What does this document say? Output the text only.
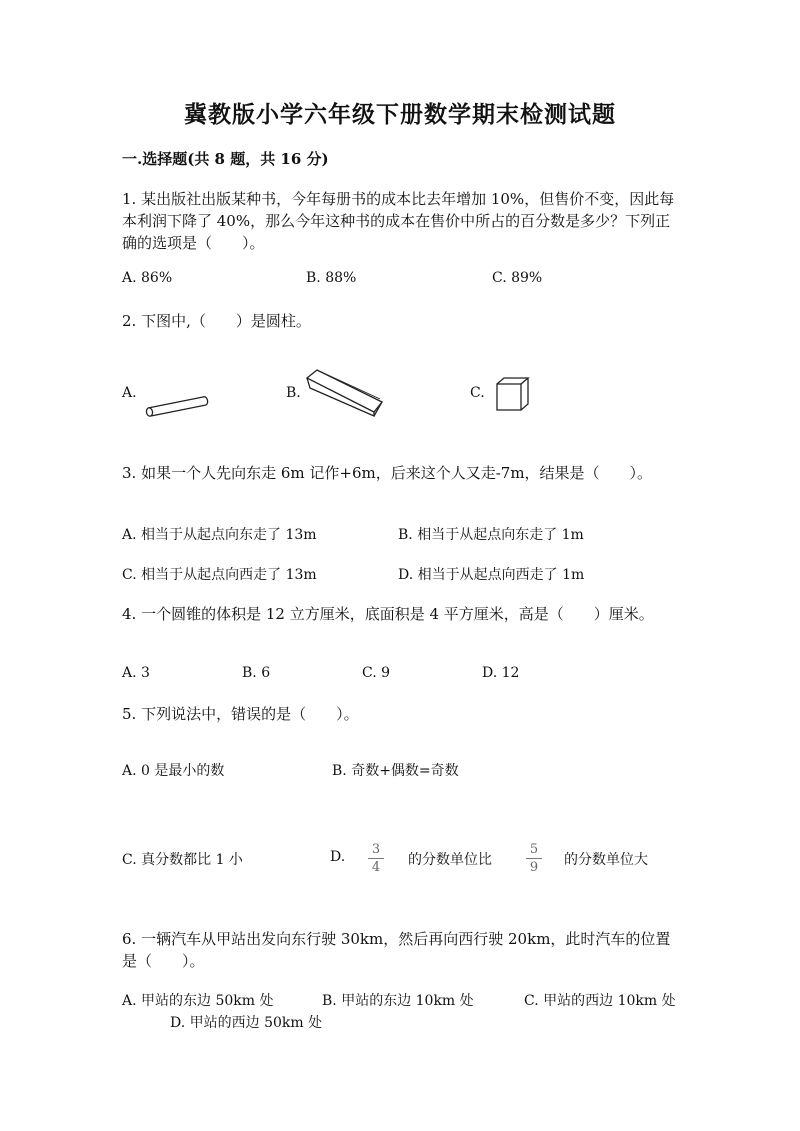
冀教版小学六年级下册数学期末检测试题
一.选择题(共 8 题，共 16 分)
1. 某出版社出版某种书，今年每册书的成本比去年增加 10%，但售价不变，因此每本利润下降了 40%，那么今年这种书的成本在售价中所占的百分数是多少？下列正确的选项是（　　）。
A. 86%	B. 88%	C. 89%
2. 下图中,（　　）是圆柱。
A.	B.	C.
3. 如果一个人先向东走 6m 记作+6m，后来这个人又走-7m，结果是（　　）。
A. 相当于从起点向东走了 13m	B. 相当于从起点向东走了 1m
C. 相当于从起点向西走了 13m	D. 相当于从起点向西走了 1m
4. 一个圆锥的体积是 12 立方厘米，底面积是 4 平方厘米，高是（　　）厘米。
A. 3	B. 6	C. 9	D. 12
5. 下列说法中，错误的是（　　）。
A. 0 是最小的数	B. 奇数+偶数=奇数
C. 真分数都比 1 小	D.	3
4	的分数单位比
5
9	的分数单位大
6. 一辆汽车从甲站出发向东行驶 30km，然后再向西行驶 20km，此时汽车的位置是（　　）。
A. 甲站的东边 50km 处	B. 甲站的东边 10km 处	C. 甲站的西边 10km 处
D. 甲站的西边 50km 处
